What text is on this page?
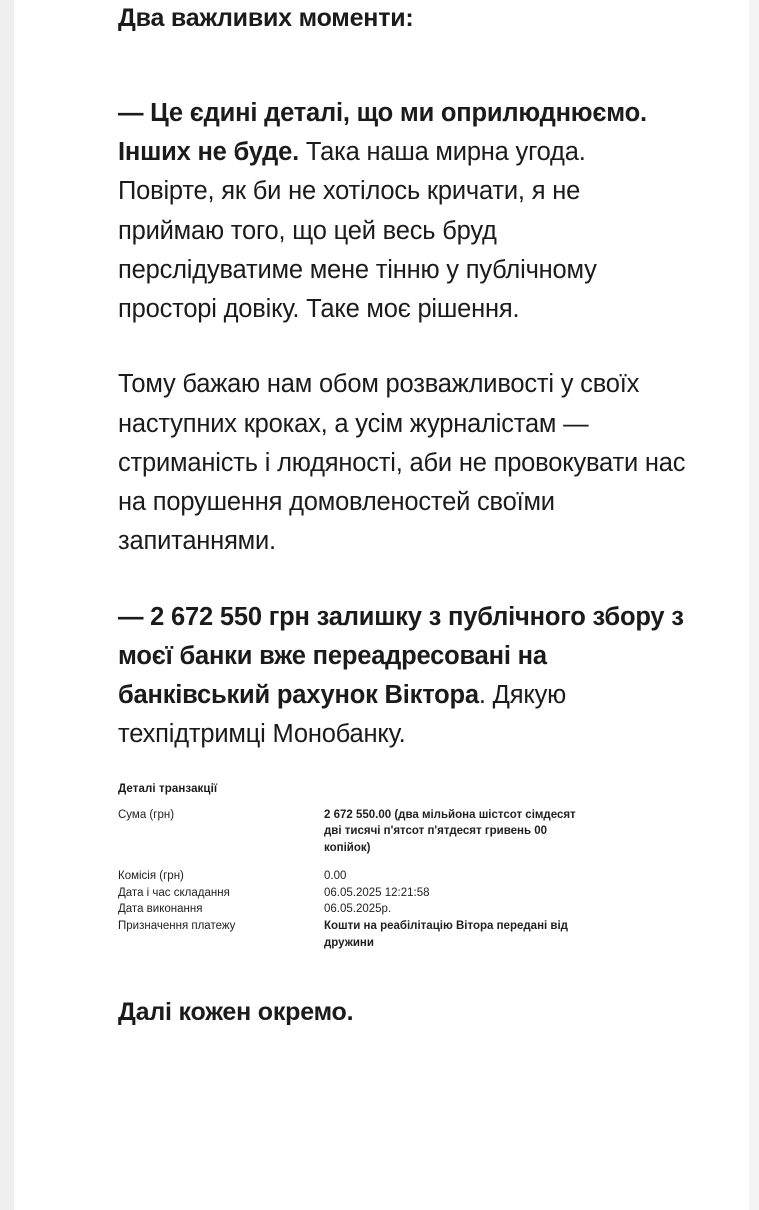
Два важливих моменти:

— Це єдині деталі, що ми оприлюднюємо. Інших не буде. Така наша мирна угода. Повірте, як би не хотілось кричати, я не приймаю того, що цей весь бруд перслідуватиме мене тінню у публічному просторі довіку. Таке моє рішення.

Тому бажаю нам обом розважливості у своїх наступних кроках, а усім журналістам — стриманість і людяності, аби не провокувати нас на порушення домовленостей своїми запитаннями.

— 2 672 550 грн залишку з публічного збору з моєї банки вже переадресовані на банківський рахунок Віктора. Дякую техпідтримці Монобанку.

Деталі транзакції
Сума (грн)	2 672 550.00 (два мільйона шістсот сімдесят дві тисячі п'ятсот п'ятдесят гривень 00 копійок)
Комісія (грн)	0.00
Дата і час складання	06.05.2025 12:21:58
Дата виконання	06.05.2025р.
Призначення платежу	Кошти на реабілітацію Вітора передані від дружини

Далі кожен окремо.
